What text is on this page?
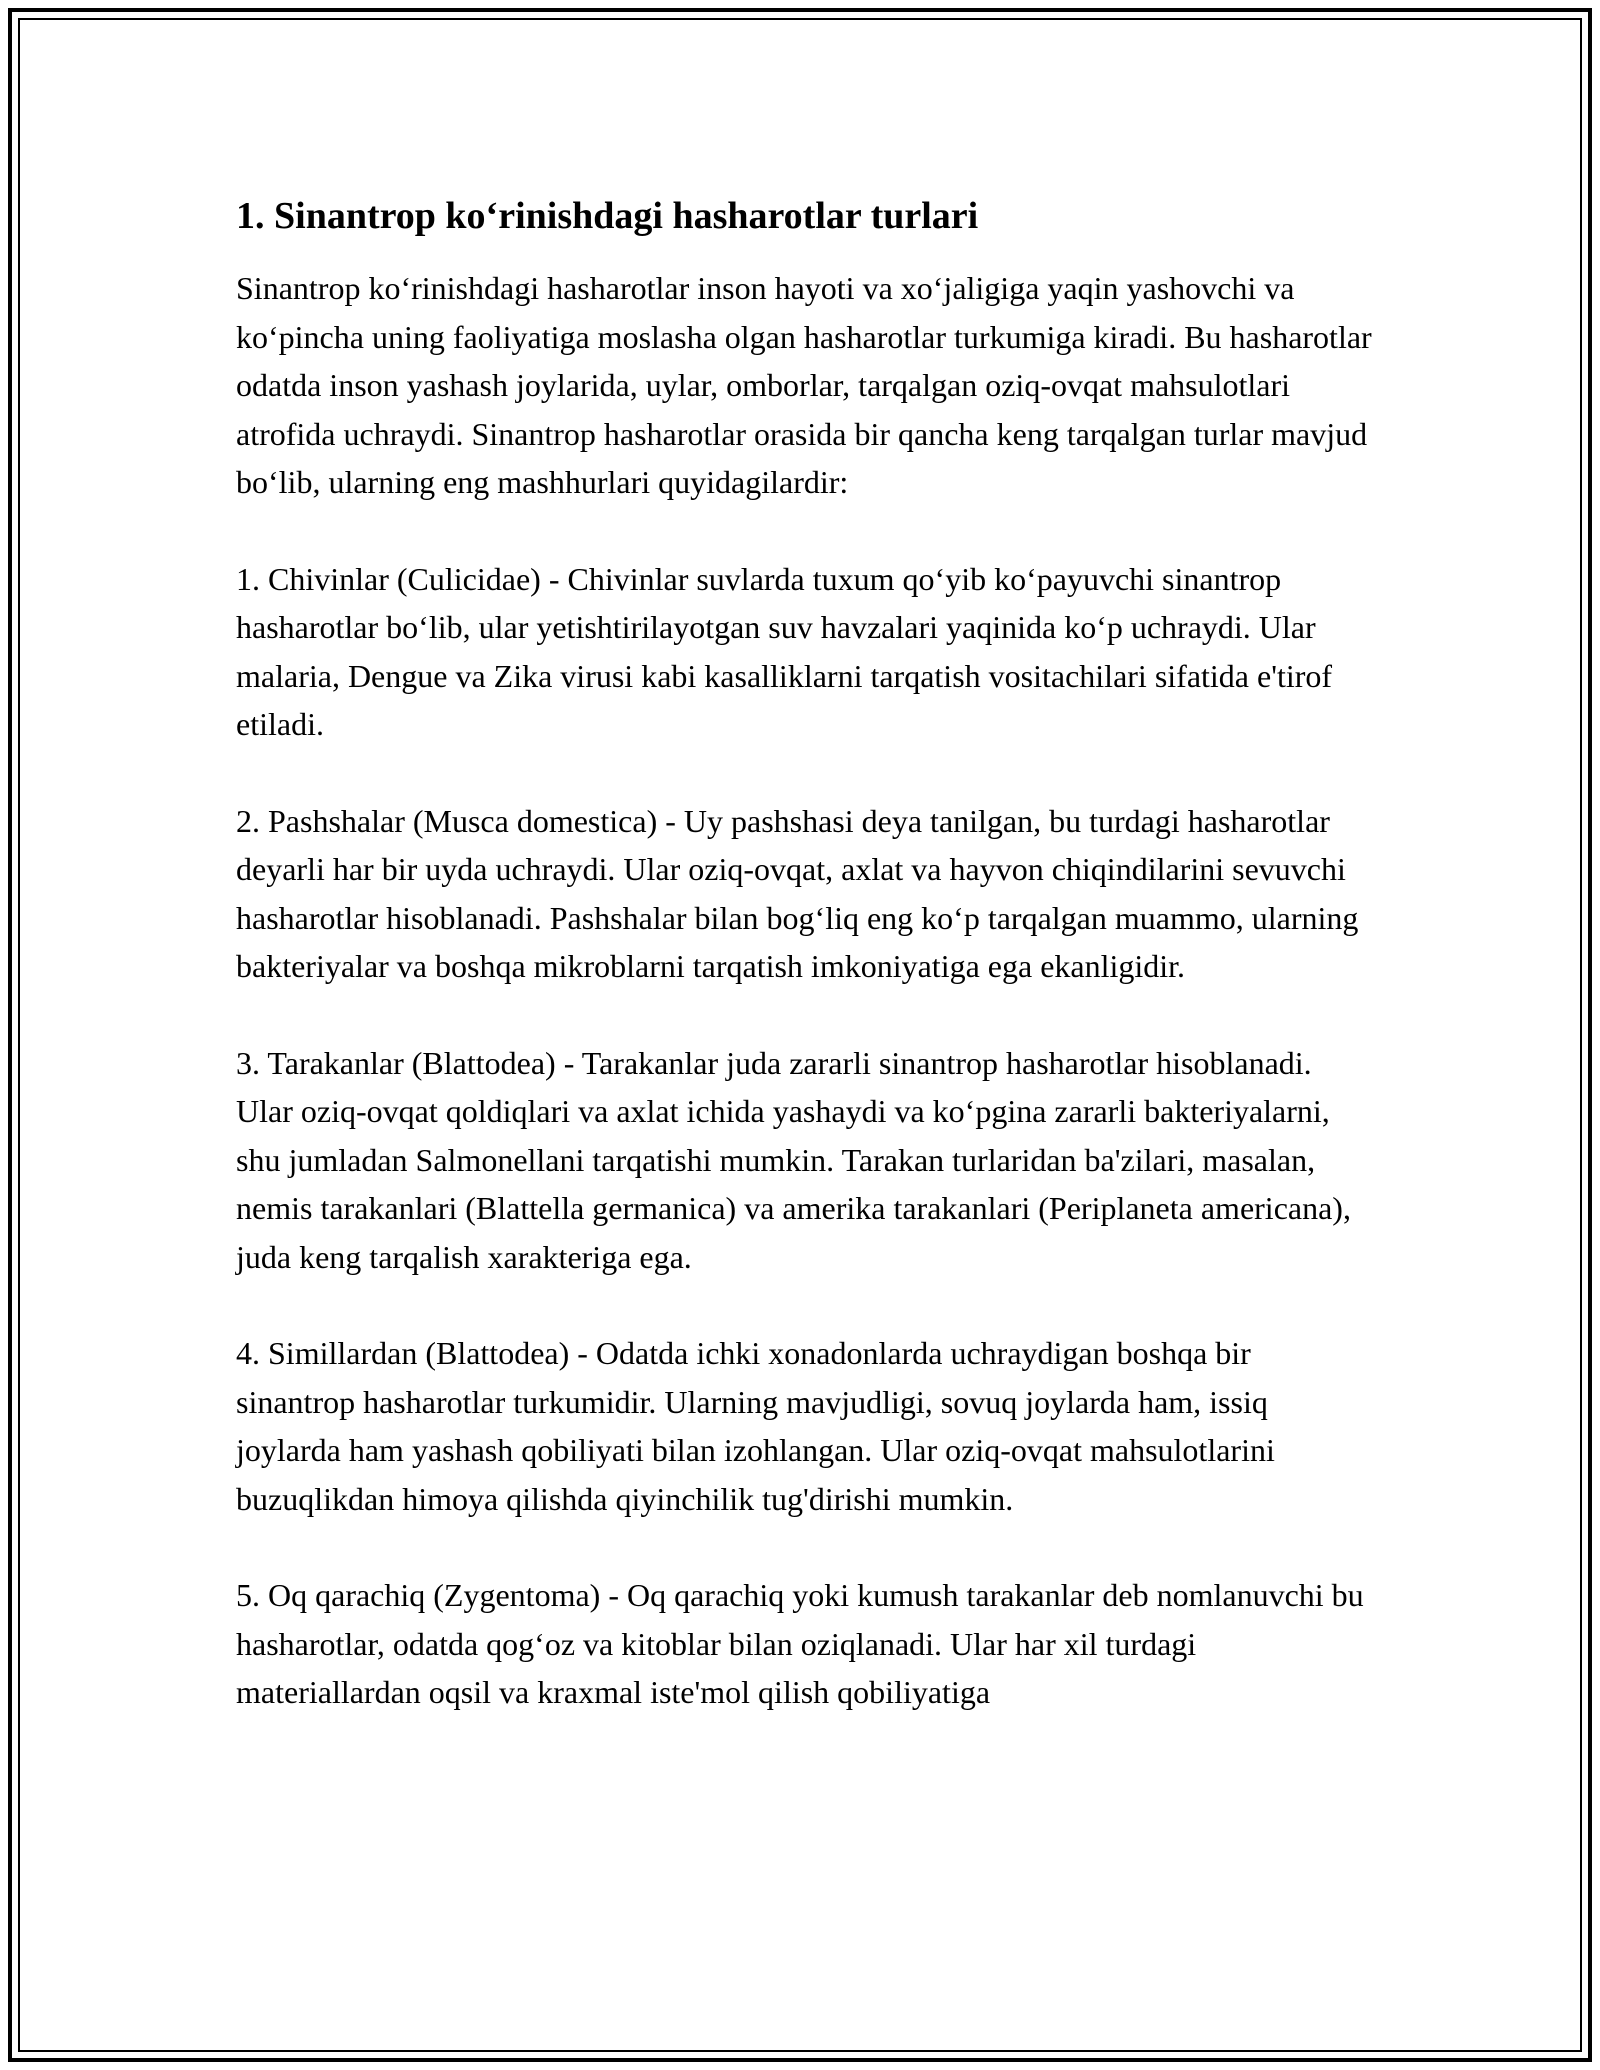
1. Sinantrop ko‘rinishdagi hasharotlar turlari

Sinantrop ko‘rinishdagi hasharotlar inson hayoti va xo‘jaligiga yaqin yashovchi va ko‘pincha uning faoliyatiga moslasha olgan hasharotlar turkumiga kiradi. Bu hasharotlar odatda inson yashash joylarida, uylar, omborlar, tarqalgan oziq-ovqat mahsulotlari atrofida uchraydi. Sinantrop hasharotlar orasida bir qancha keng tarqalgan turlar mavjud bo‘lib, ularning eng mashhurlari quyidagilardir:

1. Chivinlar (Culicidae) - Chivinlar suvlarda tuxum qo‘yib ko‘payuvchi sinantrop hasharotlar bo‘lib, ular yetishtirilayotgan suv havzalari yaqinida ko‘p uchraydi. Ular malaria, Dengue va Zika virusi kabi kasalliklarni tarqatish vositachilari sifatida e'tirof etiladi.

2. Pashshalar (Musca domestica) - Uy pashshasi deya tanilgan, bu turdagi hasharotlar deyarli har bir uyda uchraydi. Ular oziq-ovqat, axlat va hayvon chiqindilarini sevuvchi hasharotlar hisoblanadi. Pashshalar bilan bog‘liq eng ko‘p tarqalgan muammo, ularning bakteriyalar va boshqa mikroblarni tarqatish imkoniyatiga ega ekanligidir.

3. Tarakanlar (Blattodea) - Tarakanlar juda zararli sinantrop hasharotlar hisoblanadi. Ular oziq-ovqat qoldiqlari va axlat ichida yashaydi va ko‘pgina zararli bakteriyalarni, shu jumladan Salmonellani tarqatishi mumkin. Tarakan turlaridan ba'zilari, masalan, nemis tarakanlari (Blattella germanica) va amerika tarakanlari (Periplaneta americana), juda keng tarqalish xarakteriga ega.

4. Simillardan (Blattodea) - Odatda ichki xonadonlarda uchraydigan boshqa bir sinantrop hasharotlar turkumidir. Ularning mavjudligi, sovuq joylarda ham, issiq joylarda ham yashash qobiliyati bilan izohlangan. Ular oziq-ovqat mahsulotlarini buzuqlikdan himoya qilishda qiyinchilik tug'dirishi mumkin.

5. Oq qarachiq (Zygentoma) - Oq qarachiq yoki kumush tarakanlar deb nomlanuvchi bu hasharotlar, odatda qog‘oz va kitoblar bilan oziqlanadi. Ular har xil turdagi materiallardan oqsil va kraxmal iste'mol qilish qobiliyatiga
